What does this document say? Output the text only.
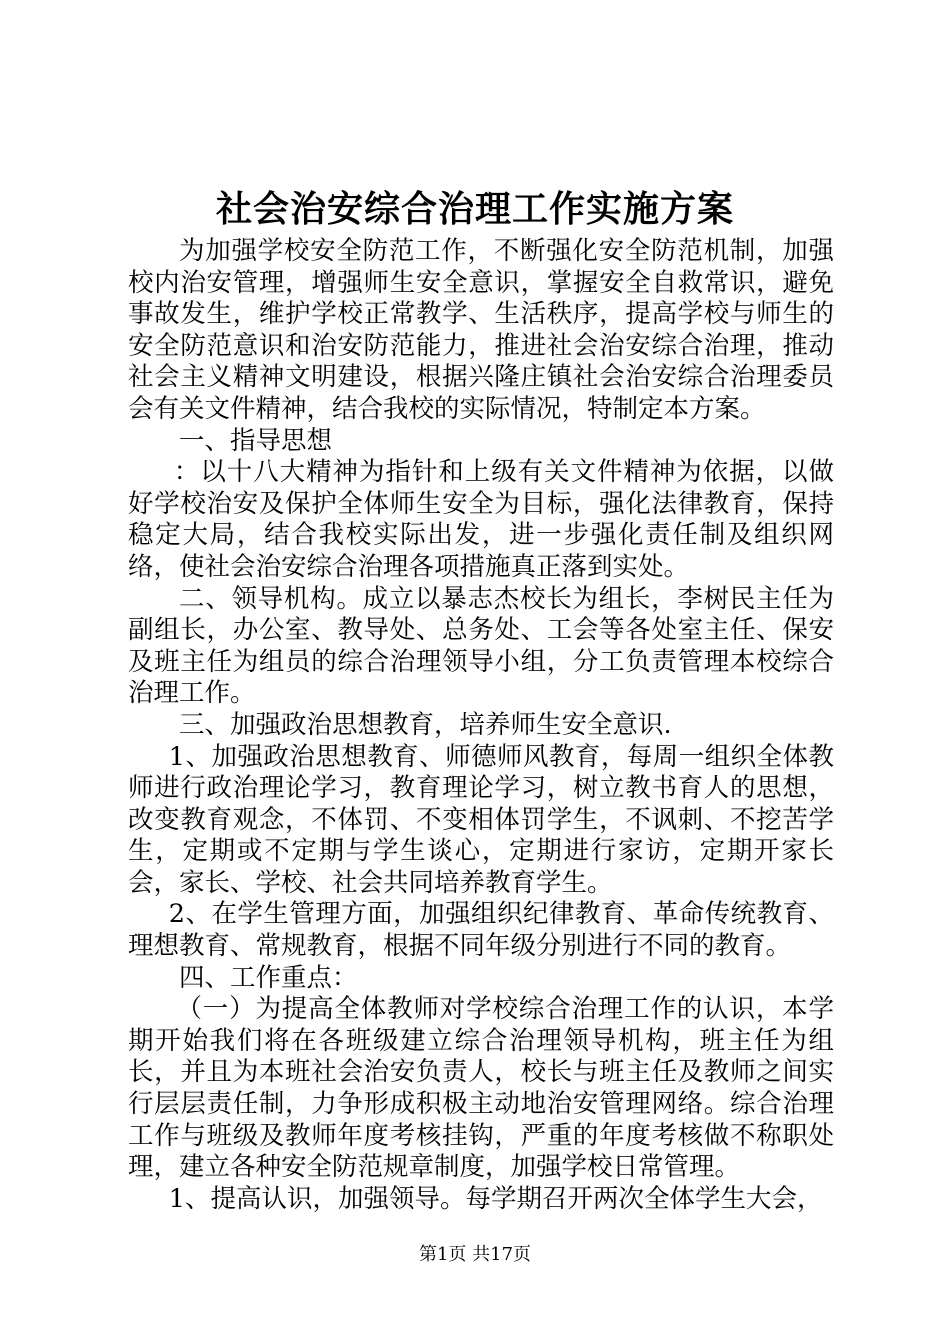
社会治安综合治理工作实施方案

为加强学校安全防范工作，不断强化安全防范机制，加强校内治安管理，增强师生安全意识，掌握安全自救常识，避免事故发生，维护学校正常教学、生活秩序，提高学校与师生的安全防范意识和治安防范能力，推进社会治安综合治理，推动社会主义精神文明建设，根据兴隆庄镇社会治安综合治理委员会有关文件精神，结合我校的实际情况，特制定本方案。

一、指导思想

：以十八大精神为指针和上级有关文件精神为依据，以做好学校治安及保护全体师生安全为目标，强化法律教育，保持稳定大局，结合我校实际出发，进一步强化责任制及组织网络，使社会治安综合治理各项措施真正落到实处。

二、领导机构。成立以暴志杰校长为组长，李树民主任为副组长，办公室、教导处、总务处、工会等各处室主任、保安及班主任为组员的综合治理领导小组，分工负责管理本校综合治理工作。

三、加强政治思想教育，培养师生安全意识.

1、加强政治思想教育、师德师风教育，每周一组织全体教师进行政治理论学习，教育理论学习，树立教书育人的思想，改变教育观念，不体罚、不变相体罚学生，不讽刺、不挖苦学生，定期或不定期与学生谈心，定期进行家访，定期开家长会，家长、学校、社会共同培养教育学生。

2、在学生管理方面，加强组织纪律教育、革命传统教育、理想教育、常规教育，根据不同年级分别进行不同的教育。

四、工作重点：

（一）为提高全体教师对学校综合治理工作的认识，本学期开始我们将在各班级建立综合治理领导机构，班主任为组长，并且为本班社会治安负责人，校长与班主任及教师之间实行层层责任制，力争形成积极主动地治安管理网络。综合治理工作与班级及教师年度考核挂钩，严重的年度考核做不称职处理，建立各种安全防范规章制度，加强学校日常管理。

1、提高认识，加强领导。每学期召开两次全体学生大会，

第1页 共17页
